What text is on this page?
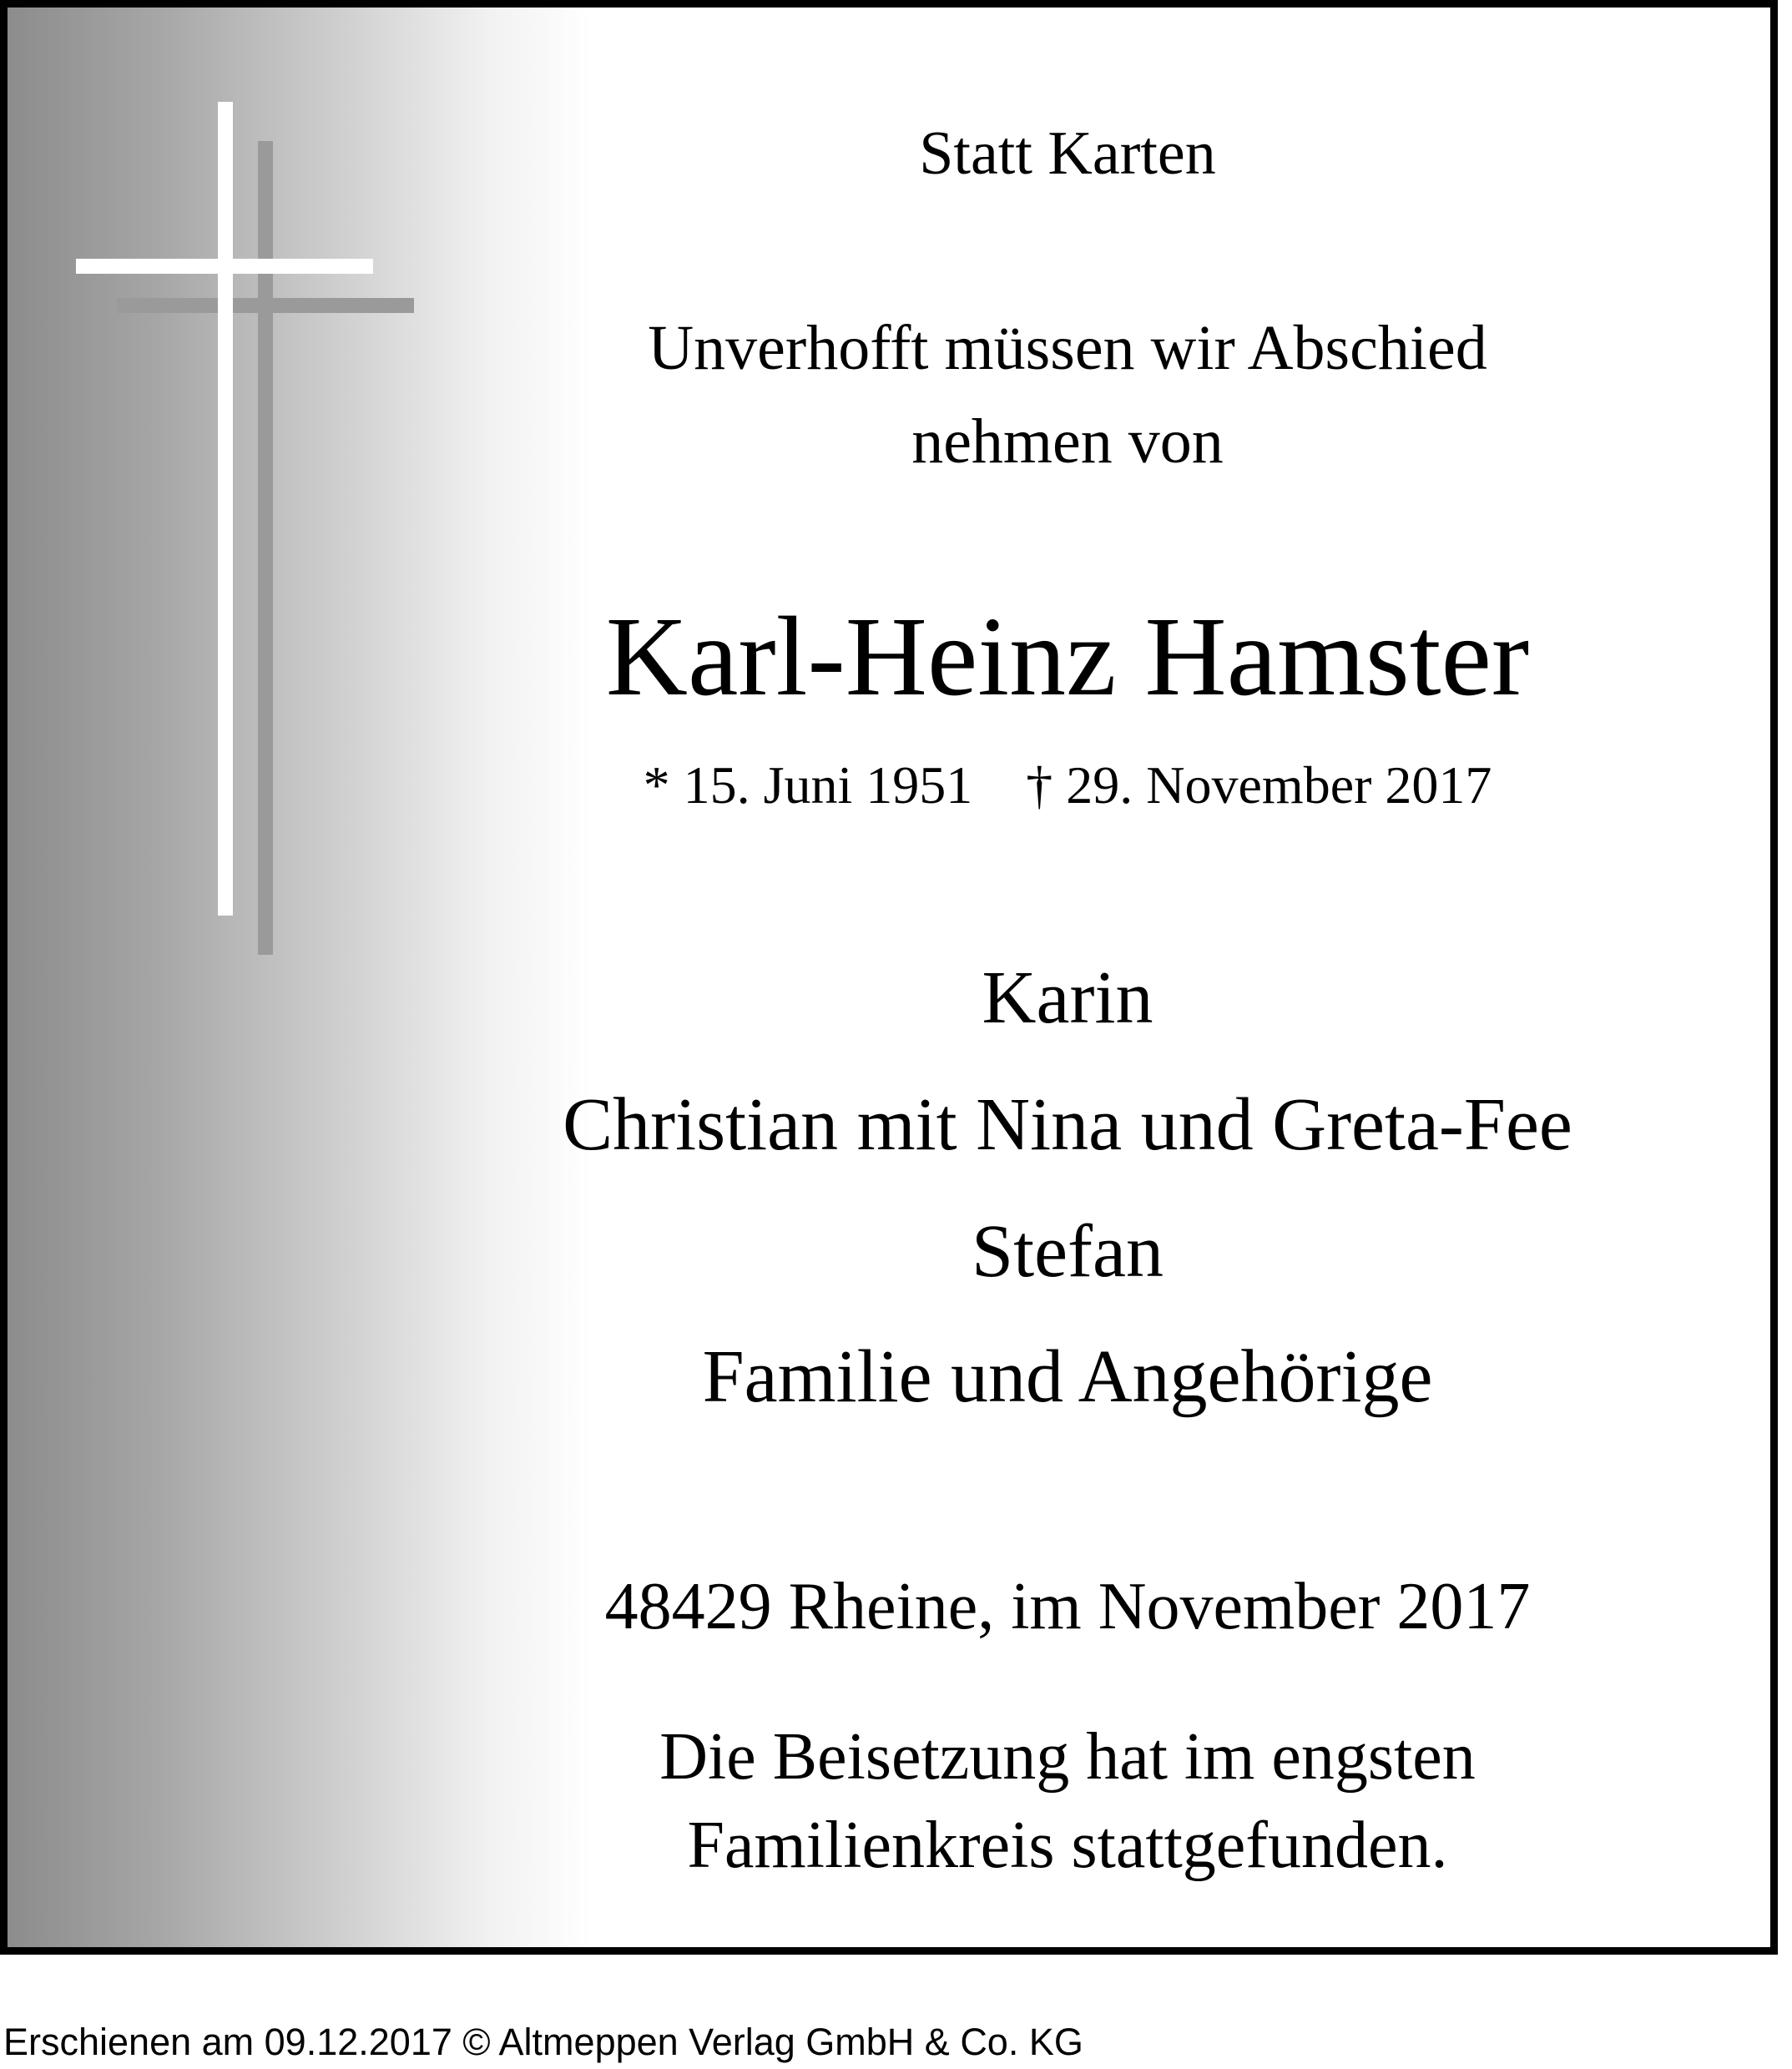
Statt Karten
Unverhofft müssen wir Abschied
nehmen von
Karl-Heinz Hamster
* 15. Juni 1951    † 29. November 2017
Karin
Christian mit Nina und Greta-Fee
Stefan
Familie und Angehörige
48429 Rheine, im November 2017
Die Beisetzung hat im engsten
Familienkreis stattgefunden.
Erschienen am 09.12.2017 © Altmeppen Verlag GmbH & Co. KG
